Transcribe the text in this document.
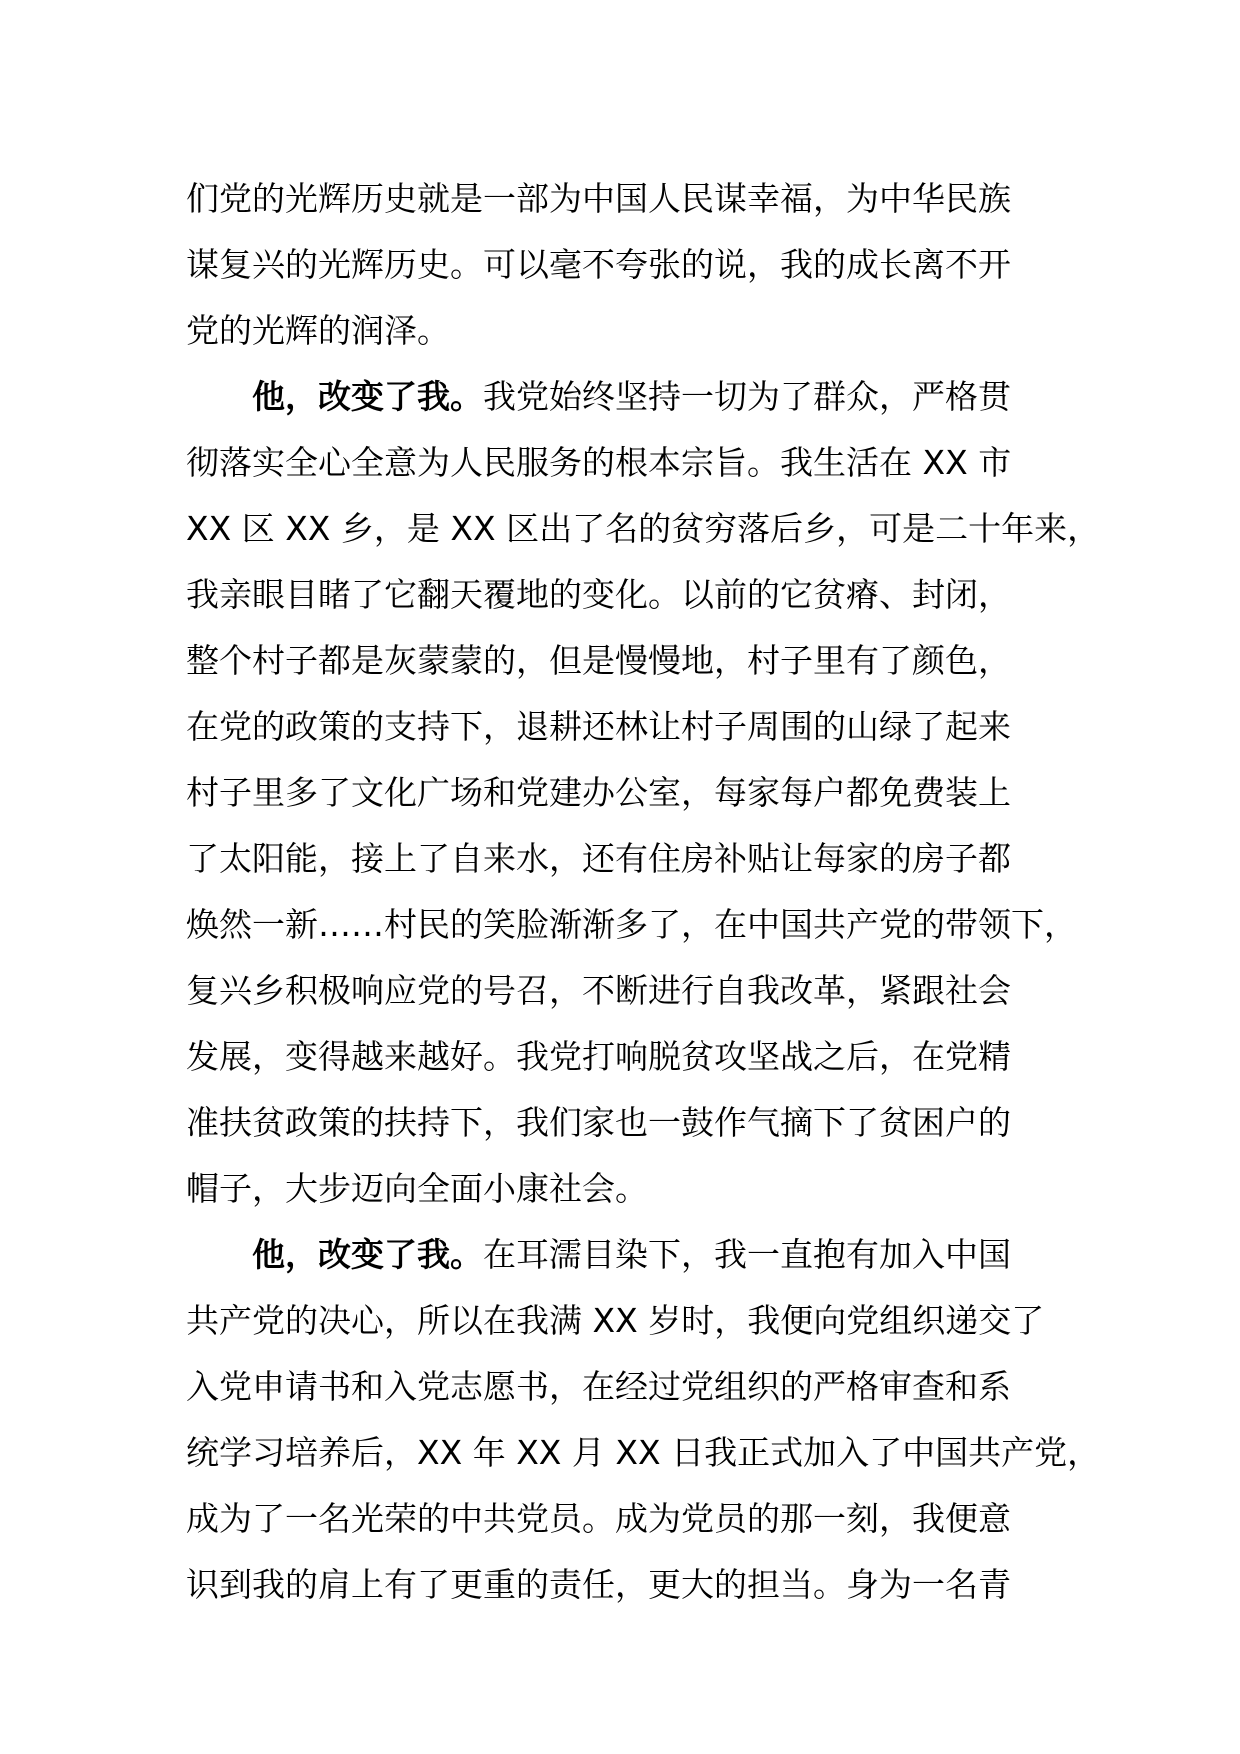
们党的光辉历史就是一部为中国人民谋幸福，为中华民族
谋复兴的光辉历史。可以毫不夸张的说，我的成长离不开
党的光辉的润泽。
他，改变了我。我党始终坚持一切为了群众，严格贯
彻落实全心全意为人民服务的根本宗旨。我生活在 XX 市
XX 区 XX 乡，是 XX 区出了名的贫穷落后乡，可是二十年来，
我亲眼目睹了它翻天覆地的变化。以前的它贫瘠、封闭，
整个村子都是灰蒙蒙的，但是慢慢地，村子里有了颜色，
在党的政策的支持下，退耕还林让村子周围的山绿了起来
村子里多了文化广场和党建办公室，每家每户都免费装上
了太阳能，接上了自来水，还有住房补贴让每家的房子都
焕然一新……村民的笑脸渐渐多了，在中国共产党的带领下，
复兴乡积极响应党的号召，不断进行自我改革，紧跟社会
发展，变得越来越好。我党打响脱贫攻坚战之后，在党精
准扶贫政策的扶持下，我们家也一鼓作气摘下了贫困户的
帽子，大步迈向全面小康社会。
他，改变了我。在耳濡目染下，我一直抱有加入中国
共产党的决心，所以在我满 XX 岁时，我便向党组织递交了
入党申请书和入党志愿书，在经过党组织的严格审查和系
统学习培养后，XX 年 XX 月 XX 日我正式加入了中国共产党，
成为了一名光荣的中共党员。成为党员的那一刻，我便意
识到我的肩上有了更重的责任，更大的担当。身为一名青
